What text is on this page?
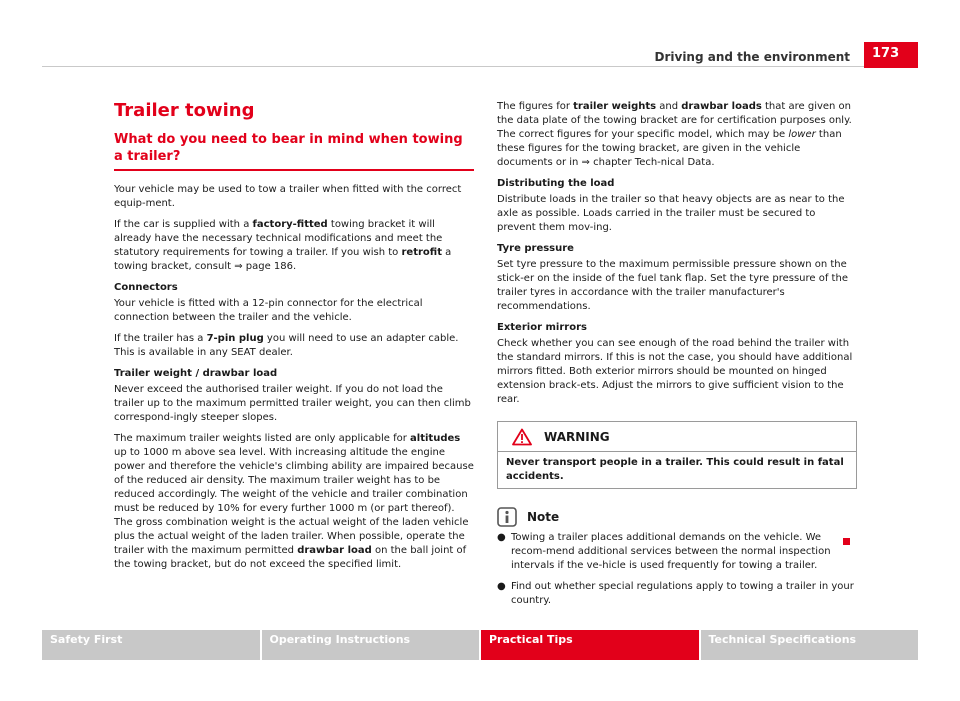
Driving and the environment	173
Trailer towing
What do you need to bear in mind when towing a trailer?

Your vehicle may be used to tow a trailer when fitted with the correct equip-ment.

If the car is supplied with a factory-fitted towing bracket it will already have the necessary technical modifications and meet the statutory requirements for towing a trailer. If you wish to retrofit a towing bracket, consult ⇒ page 186.

Connectors

Your vehicle is fitted with a 12-pin connector for the electrical connection between the trailer and the vehicle.

If the trailer has a 7-pin plug you will need to use an adapter cable. This is available in any SEAT dealer.

Trailer weight / drawbar load

Never exceed the authorised trailer weight. If you do not load the trailer up to the maximum permitted trailer weight, you can then climb correspond-ingly steeper slopes.

The maximum trailer weights listed are only applicable for altitudes up to 1000 m above sea level. With increasing altitude the engine power and therefore the vehicle's climbing ability are impaired because of the reduced air density. The maximum trailer weight has to be reduced accordingly. The weight of the vehicle and trailer combination must be reduced by 10% for every further 1000 m (or part thereof). The gross combination weight is the actual weight of the laden vehicle plus the actual weight of the laden trailer. When possible, operate the trailer with the maximum permitted drawbar load on the ball joint of the towing bracket, but do not exceed the specified limit.

The figures for trailer weights and drawbar loads that are given on the data plate of the towing bracket are for certification purposes only. The correct figures for your specific model, which may be lower than these figures for the towing bracket, are given in the vehicle documents or in ⇒ chapter Tech-nical Data.

Distributing the load

Distribute loads in the trailer so that heavy objects are as near to the axle as possible. Loads carried in the trailer must be secured to prevent them mov-ing.

Tyre pressure

Set tyre pressure to the maximum permissible pressure shown on the stick-er on the inside of the fuel tank flap. Set the tyre pressure of the trailer tyres in accordance with the trailer manufacturer's recommendations.

Exterior mirrors

Check whether you can see enough of the road behind the trailer with the standard mirrors. If this is not the case, you should have additional mirrors fitted. Both exterior mirrors should be mounted on hinged extension brack-ets. Adjust the mirrors to give sufficient vision to the rear.

WARNING
Never transport people in a trailer. This could result in fatal accidents.
Note
● Towing a trailer places additional demands on the vehicle. We recom-mend additional services between the normal inspection intervals if the ve-hicle is used frequently for towing a trailer.
● Find out whether special regulations apply to towing a trailer in your country.
Safety First	Operating Instructions	Practical Tips	Technical Specifications
